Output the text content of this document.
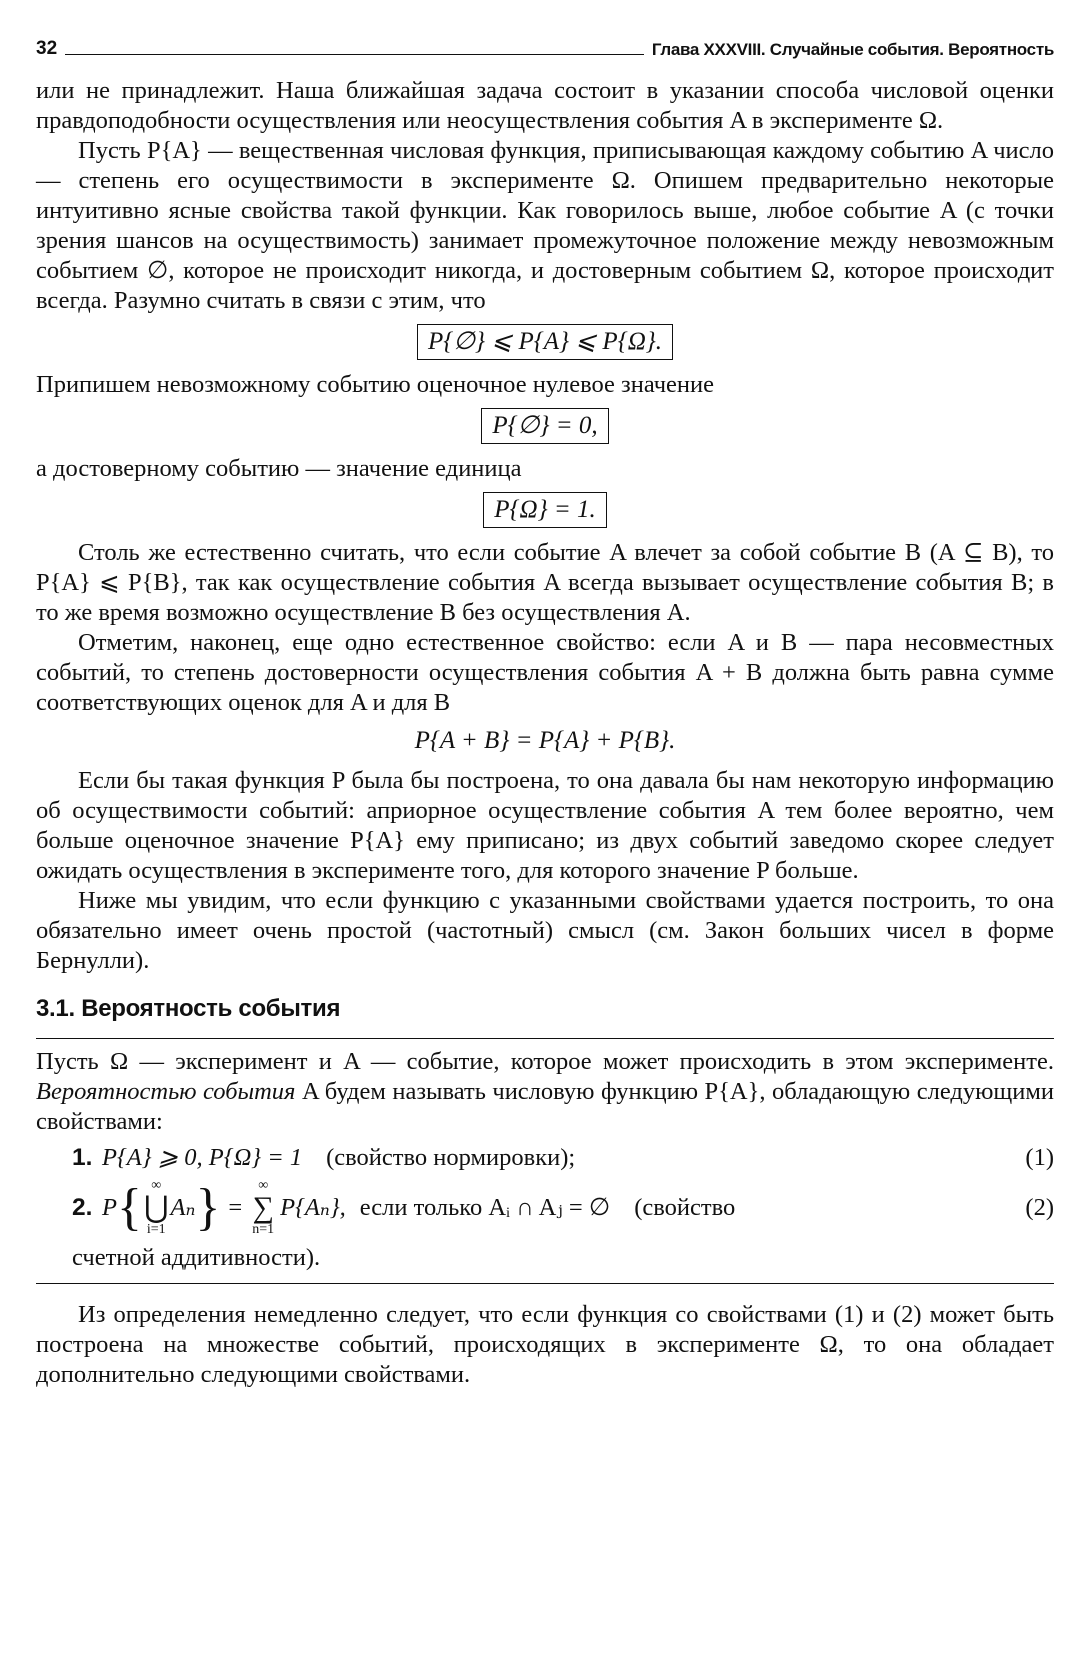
32	Глава XXXVIII. Случайные события. Вероятность

или не принадлежит. Наша ближайшая задача состоит в указании способа числовой оценки правдоподобности осуществления или неосуществления события A в эксперименте Ω.

Пусть P{A} — вещественная числовая функция, приписывающая каждому событию A число — степень его осуществимости в эксперименте Ω. Опишем предварительно некоторые интуитивно ясные свойства такой функции. Как говорилось выше, любое событие A (с точки зрения шансов на осуществимость) занимает промежуточное положение между невозможным событием ∅, которое не происходит никогда, и достоверным событием Ω, которое происходит всегда. Разумно считать в связи с этим, что

P{∅} ⩽ P{A} ⩽ P{Ω}.

Припишем невозможному событию оценочное нулевое значение

P{∅} = 0,

а достоверному событию — значение единица

P{Ω} = 1.

Столь же естественно считать, что если событие A влечет за собой событие B (A ⊆ B), то P{A} ⩽ P{B}, так как осуществление события A всегда вызывает осуществление события B; в то же время возможно осуществление B без осуществления A.

Отметим, наконец, еще одно естественное свойство: если A и B — пара несовместных событий, то степень достоверности осуществления события A + B должна быть равна сумме соответствующих оценок для A и для B

P{A + B} = P{A} + P{B}.

Если бы такая функция P была бы построена, то она давала бы нам некоторую информацию об осуществимости событий: априорное осуществление события A тем более вероятно, чем больше оценочное значение P{A} ему приписано; из двух событий заведомо скорее следует ожидать осуществления в эксперименте того, для которого значение P больше.

Ниже мы увидим, что если функцию с указанными свойствами удается построить, то она обязательно имеет очень простой (частотный) смысл (см. Закон больших чисел в форме Бернулли).

3.1. Вероятность события

Пусть Ω — эксперимент и A — событие, которое может происходить в этом эксперименте. Вероятностью события A будем называть числовую функцию P{A}, обладающую следующими свойствами:

1. P{A} ⩾ 0, P{Ω} = 1 (свойство нормировки);	(1)
2. P { ∞
⋃
i=1
Aₙ } =
∞
∑
n=1
P{Aₙ}, если только Aᵢ ∩ Aⱼ = ∅ (свойство	(2)

счетной аддитивности).

Из определения немедленно следует, что если функция со свойствами (1) и (2) может быть построена на множестве событий, происходящих в эксперименте Ω, то она обладает дополнительно следующими свойствами.
